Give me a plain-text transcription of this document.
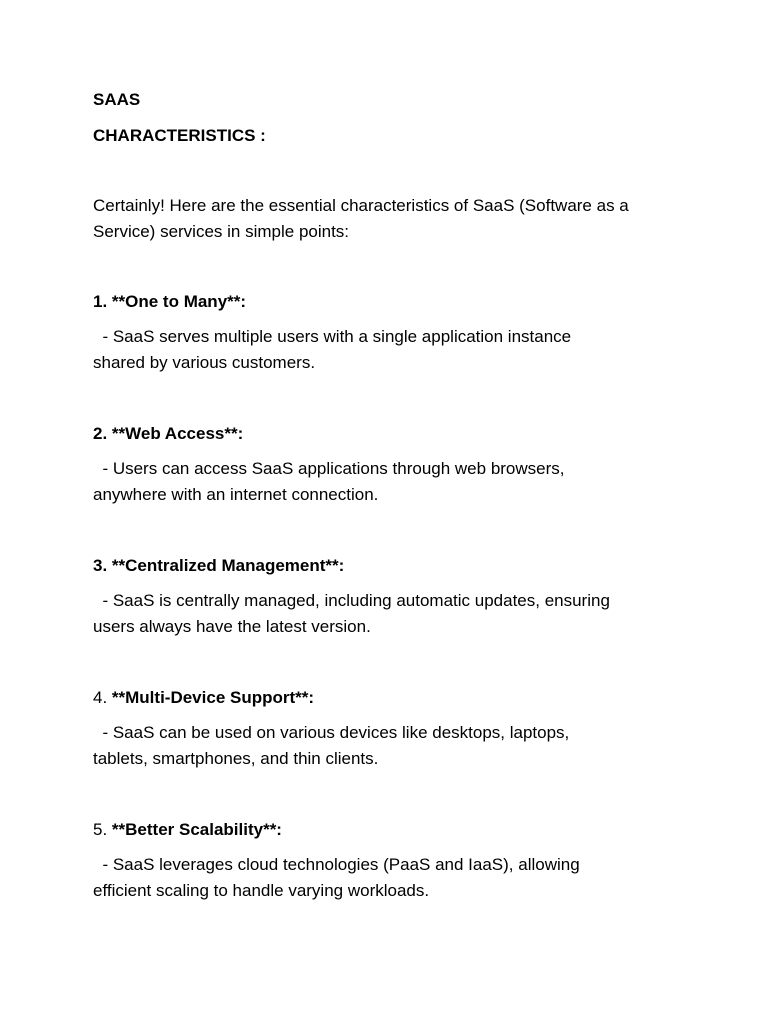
SAAS

CHARACTERISTICS :

Certainly! Here are the essential characteristics of SaaS (Software as a

Service) services in simple points:

1. **One to Many**:

- SaaS serves multiple users with a single application instance

shared by various customers.

2. **Web Access**:

- Users can access SaaS applications through web browsers,

anywhere with an internet connection.

3. **Centralized Management**:

- SaaS is centrally managed, including automatic updates, ensuring

users always have the latest version.

4. **Multi-Device Support**:

- SaaS can be used on various devices like desktops, laptops,

tablets, smartphones, and thin clients.

5. **Better Scalability**:

- SaaS leverages cloud technologies (PaaS and IaaS), allowing

efficient scaling to handle varying workloads.
